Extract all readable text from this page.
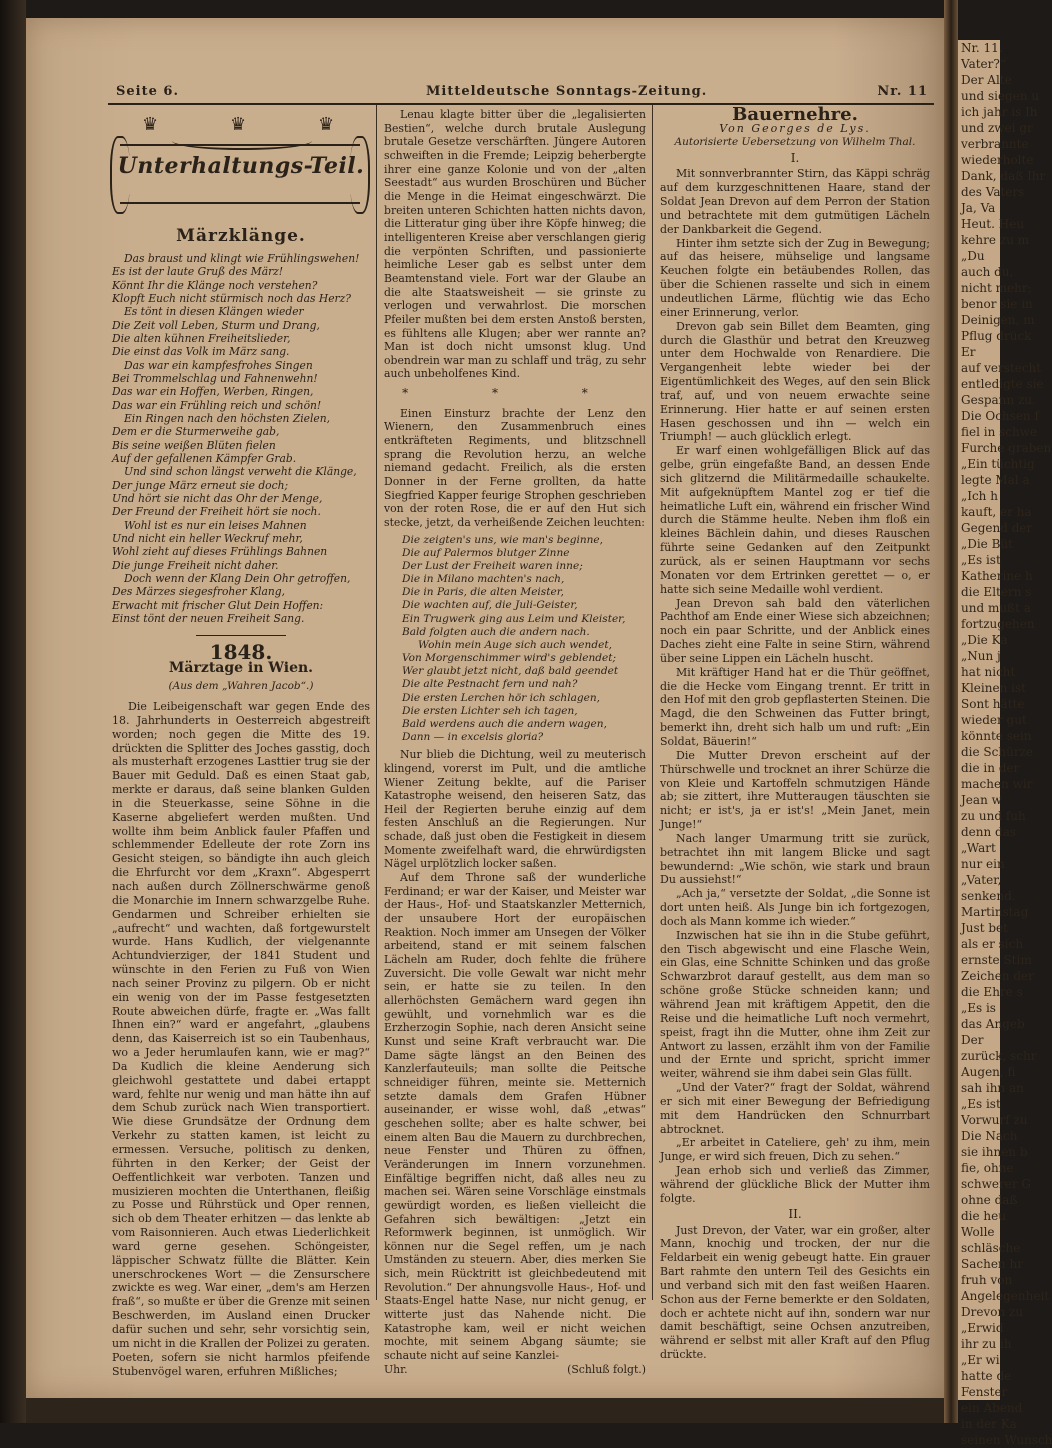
Nr. 11.
Vater?“
Der Alte
und siegen u
ich jahr is Ih
und zwei gr
verbrannte
wiederholte
Dank, daß Ihr
des Vaters
Ja, Va
Heut. Heu
kehre zu m
„Du
auch du,
nicht mehr;
benor sie in
Deinigen, m
Pflug drück
Er
auf verstecht
entledigte sie
Gespann zu.
Die Ochsen f
fiel in schwe
Furche graben
„Ein tüchtig
legte Mal a
„Ich h
kauft, er ha
Gegend der
„Die Büt
„Es ist
Katherine h
die Eltern s
und mußt a
fortzugehen
„Die Ka
„Nun j
hat nicht
Kleinen ist
Sont hätte
wieder gut
könnte sein
die Schürze
die in der
machen wir
Jean w
zu und fuh
denn das
„Wart
nur ein
„Vater,
senkend.
Martinstag
Just bet
als er sich
ernste Stim
Zeichen der
die Ehre s
„Es is
das Angeb
Der
zurück, schr
Augen, fi
sah ihn an
„Es ist
Vorwurf zu
Die Nach
sie ihnen b
fie, ohne
schwerer G
ohne daß
die heu
Wolle
schläsche
Sachen hr
fruh von
Angelegenheit
Drevon zu
„Erwid
ihr zu ih
„Er wi
hatte de
Fenster
ein Abend
in der Ka
seinen Wunsch
Seite 6.	Mitteldeutsche Sonntags-Zeitung.	Nr. 11
♛	♛	♛
Unterhaltungs-Teil.
Märzklänge.
Das braust und klingt wie Frühlingswehen!
Es ist der laute Gruß des März!
Könnt Ihr die Klänge noch verstehen?
Klopft Euch nicht stürmisch noch das Herz?
Es tönt in diesen Klängen wieder
Die Zeit voll Leben, Sturm und Drang,
Die alten kühnen Freiheitslieder,
Die einst das Volk im März sang.
Das war ein kampfesfrohes Singen
Bei Trommelschlag und Fahnenwehn!
Das war ein Hoffen, Werben, Ringen,
Das war ein Frühling reich und schön!
Ein Ringen nach den höchsten Zielen,
Dem er die Sturmerweihe gab,
Bis seine weißen Blüten fielen
Auf der gefallenen Kämpfer Grab.
Und sind schon längst verweht die Klänge,
Der junge März erneut sie doch;
Und hört sie nicht das Ohr der Menge,
Der Freund der Freiheit hört sie noch.
Wohl ist es nur ein leises Mahnen
Und nicht ein heller Weckruf mehr,
Wohl zieht auf dieses Frühlings Bahnen
Die junge Freiheit nicht daher.
Doch wenn der Klang Dein Ohr getroffen,
Des Märzes siegesfroher Klang,
Erwacht mit frischer Glut Dein Hoffen:
Einst tönt der neuen Freiheit Sang.
1848.
Märztage in Wien.
(Aus dem „Wahren Jacob“.)

Die Leibeigenschaft war gegen Ende des 18. Jahrhunderts in Oesterreich abgestreift worden; noch gegen die Mitte des 19. drückten die Splitter des Joches gasstig, doch als musterhaft erzogenes Lasttier trug sie der Bauer mit Geduld. Daß es einen Staat gab, merkte er daraus, daß seine blanken Gulden in die Steuerkasse, seine Söhne in die Kaserne abgeliefert werden mußten. Und wollte ihm beim Anblick fauler Pfaffen und schlemmender Edelleute der rote Zorn ins Gesicht steigen, so bändigte ihn auch gleich die Ehrfurcht vor dem „Kraxn“. Abgesperrt nach außen durch Zöllnerschwärme genoß die Monarchie im Innern schwarzgelbe Ruhe. Gendarmen und Schreiber erhielten sie „aufrecht“ und wachten, daß fortgewurstelt wurde. Hans Kudlich, der vielgenannte Achtundvierziger, der 1841 Student und wünschte in den Ferien zu Fuß von Wien nach seiner Provinz zu pilgern. Ob er nicht ein wenig von der im Passe festgesetzten Route abweichen dürfe, fragte er. „Was fallt Ihnen ein?“ ward er angefahrt, „glaubens denn, das Kaiserreich ist so ein Taubenhaus, wo a Jeder herumlaufen kann, wie er mag?“ Da Kudlich die kleine Aenderung sich gleichwohl gestattete und dabei ertappt ward, fehlte nur wenig und man hätte ihn auf dem Schub zurück nach Wien transportiert. Wie diese Grundsätze der Ordnung dem Verkehr zu statten kamen, ist leicht zu ermessen. Versuche, politisch zu denken, führten in den Kerker; der Geist der Oeffentlichkeit war verboten. Tanzen und musizieren mochten die Unterthanen, fleißig zu Posse und Rührstück und Oper rennen, sich ob dem Theater erhitzen — das lenkte ab vom Raisonnieren. Auch etwas Liederlichkeit ward gerne gesehen. Schöngeister, läppischer Schwatz füllte die Blätter. Kein unerschrockenes Wort — die Zensurschere zwickte es weg. War einer, „dem's am Herzen fraß“, so mußte er über die Grenze mit seinen Beschwerden, im Ausland einen Drucker dafür suchen und sehr, sehr vorsichtig sein, um nicht in die Krallen der Polizei zu geraten. Poeten, sofern sie nicht harmlos pfeifende Stubenvögel waren, erfuhren Mißliches;

Lenau klagte bitter über die „legalisierten Bestien“, welche durch brutale Auslegung brutale Gesetze verschärften. Jüngere Autoren schweiften in die Fremde; Leipzig beherbergte ihrer eine ganze Kolonie und von der „alten Seestadt“ aus wurden Broschüren und Bücher die Menge in die Heimat eingeschwärzt. Die breiten unteren Schichten hatten nichts davon, die Litteratur ging über ihre Köpfe hinweg; die intelligenteren Kreise aber verschlangen gierig die verpönten Schriften, und passionierte heimliche Leser gab es selbst unter dem Beamtenstand viele. Fort war der Glaube an die alte Staatsweisheit — sie grinste zu verlogen und verwahrlost. Die morschen Pfeiler mußten bei dem ersten Anstoß bersten, es fühltens alle Klugen; aber wer rannte an? Man ist doch nicht umsonst klug. Und obendrein war man zu schlaff und träg, zu sehr auch unbeholfenes Kind.

* * *

Einen Einsturz brachte der Lenz den Wienern, den Zusammenbruch eines entkräfteten Regiments, und blitzschnell sprang die Revolution herzu, an welche niemand gedacht. Freilich, als die ersten Donner in der Ferne grollten, da hatte Siegfried Kapper feurige Strophen geschrieben von der roten Rose, die er auf den Hut sich stecke, jetzt, da verheißende Zeichen leuchten:

Die zeigten's uns, wie man's beginne,
Die auf Palermos blutger Zinne
Der Lust der Freiheit waren inne;
Die in Milano machten's nach,
Die in Paris, die alten Meister,
Die wachten auf, die Juli-Geister,
Ein Trugwerk ging aus Leim und Kleister,
Bald folgten auch die andern nach.
Wohin mein Auge sich auch wendet,
Von Morgenschimmer wird's geblendet;
Wer glaubt jetzt nicht, daß bald geendet
Die alte Pestnacht fern und nah?
Die ersten Lerchen hör ich schlagen,
Die ersten Lichter seh ich tagen,
Bald werdens auch die andern wagen,
Dann — in excelsis gloria?

Nur blieb die Dichtung, weil zu meuterisch klingend, vorerst im Pult, und die amtliche Wiener Zeitung beklte, auf die Pariser Katastrophe weisend, den heiseren Satz, das Heil der Regierten beruhe einzig auf dem festen Anschluß an die Regierungen. Nur schade, daß just oben die Festigkeit in diesem Momente zweifelhaft ward, die ehrwürdigsten Nägel urplötzlich locker saßen.

Auf dem Throne saß der wunderliche Ferdinand; er war der Kaiser, und Meister war der Haus-, Hof- und Staatskanzler Metternich, der unsaubere Hort der europäischen Reaktion. Noch immer am Unsegen der Völker arbeitend, stand er mit seinem falschen Lächeln am Ruder, doch fehlte die frühere Zuversicht. Die volle Gewalt war nicht mehr sein, er hatte sie zu teilen. In den allerhöchsten Gemächern ward gegen ihn gewühlt, und vornehmlich war es die Erzherzogin Sophie, nach deren Ansicht seine Kunst und seine Kraft verbraucht war. Die Dame sägte längst an den Beinen des Kanzlerfauteuils; man sollte die Peitsche schneidiger führen, meinte sie. Metternich setzte damals dem Grafen Hübner auseinander, er wisse wohl, daß „etwas“ geschehen sollte; aber es halte schwer, bei einem alten Bau die Mauern zu durchbrechen, neue Fenster und Thüren zu öffnen, Veränderungen im Innern vorzunehmen. Einfältige begriffen nicht, daß alles neu zu machen sei. Wären seine Vorschläge einstmals gewürdigt worden, es ließen vielleicht die Gefahren sich bewältigen: „Jetzt ein Reformwerk beginnen, ist unmöglich. Wir können nur die Segel reffen, um je nach Umständen zu steuern. Aber, dies merken Sie sich, mein Rücktritt ist gleichbedeutend mit Revolution.“ Der ahnungsvolle Haus-, Hof- und Staats-Engel hatte Nase, nur nicht genug, er witterte just das Nahende nicht. Die Katastrophe kam, weil er nicht weichen mochte, mit seinem Abgang säumte; sie schaute nicht auf seine Kanzlei-

Uhr.	(Schluß folgt.)
Bauernehre.
Von Georges de Lys.
Autorisierte Uebersetzung von Wilhelm Thal.
I.

Mit sonnverbrannter Stirn, das Käppi schräg auf dem kurzgeschnittenen Haare, stand der Soldat Jean Drevon auf dem Perron der Station und betrachtete mit dem gutmütigen Lächeln der Dankbarkeit die Gegend.

Hinter ihm setzte sich der Zug in Bewegung; auf das heisere, mühselige und langsame Keuchen folgte ein betäubendes Rollen, das über die Schienen rasselte und sich in einem undeutlichen Lärme, flüchtig wie das Echo einer Erinnerung, verlor.

Drevon gab sein Billet dem Beamten, ging durch die Glasthür und betrat den Kreuzweg unter dem Hochwalde von Renardiere. Die Vergangenheit lebte wieder bei der Eigentümlichkeit des Weges, auf den sein Blick traf, auf, und von neuem erwachte seine Erinnerung. Hier hatte er auf seinen ersten Hasen geschossen und ihn — welch ein Triumph! — auch glücklich erlegt.

Er warf einen wohlgefälligen Blick auf das gelbe, grün eingefaßte Band, an dessen Ende sich glitzernd die Militärmedaille schaukelte. Mit aufgeknüpftem Mantel zog er tief die heimatliche Luft ein, während ein frischer Wind durch die Stämme heulte. Neben ihm floß ein kleines Bächlein dahin, und dieses Rauschen führte seine Gedanken auf den Zeitpunkt zurück, als er seinen Hauptmann vor sechs Monaten vor dem Ertrinken gerettet — o, er hatte sich seine Medaille wohl verdient.

Jean Drevon sah bald den väterlichen Pachthof am Ende einer Wiese sich abzeichnen; noch ein paar Schritte, und der Anblick eines Daches zieht eine Falte in seine Stirn, während über seine Lippen ein Lächeln huscht.

Mit kräftiger Hand hat er die Thür geöffnet, die die Hecke vom Eingang trennt. Er tritt in den Hof mit den grob gepflasterten Steinen. Die Magd, die den Schweinen das Futter bringt, bemerkt ihn, dreht sich halb um und ruft: „Ein Soldat, Bäuerin!“

Die Mutter Drevon erscheint auf der Thürschwelle und trocknet an ihrer Schürze die von Kleie und Kartoffeln schmutzigen Hände ab; sie zittert, ihre Mutteraugen täuschten sie nicht; er ist's, ja er ist's! „Mein Janet, mein Junge!“

Nach langer Umarmung tritt sie zurück, betrachtet ihn mit langem Blicke und sagt bewundernd: „Wie schön, wie stark und braun Du aussiehst!“

„Ach ja,“ versetzte der Soldat, „die Sonne ist dort unten heiß. Als Junge bin ich fortgezogen, doch als Mann komme ich wieder.“

Inzwischen hat sie ihn in die Stube geführt, den Tisch abgewischt und eine Flasche Wein, ein Glas, eine Schnitte Schinken und das große Schwarzbrot darauf gestellt, aus dem man so schöne große Stücke schneiden kann; und während Jean mit kräftigem Appetit, den die Reise und die heimatliche Luft noch vermehrt, speist, fragt ihn die Mutter, ohne ihm Zeit zur Antwort zu lassen, erzählt ihm von der Familie und der Ernte und spricht, spricht immer weiter, während sie ihm dabei sein Glas füllt.

„Und der Vater?“ fragt der Soldat, während er sich mit einer Bewegung der Befriedigung mit dem Handrücken den Schnurrbart abtrocknet.

„Er arbeitet in Cateliere, geh' zu ihm, mein Junge, er wird sich freuen, Dich zu sehen.“

Jean erhob sich und verließ das Zimmer, während der glückliche Blick der Mutter ihm folgte.

II.

Just Drevon, der Vater, war ein großer, alter Mann, knochig und trocken, der nur die Feldarbeit ein wenig gebeugt hatte. Ein grauer Bart rahmte den untern Teil des Gesichts ein und verband sich mit den fast weißen Haaren. Schon aus der Ferne bemerkte er den Soldaten, doch er achtete nicht auf ihn, sondern war nur damit beschäftigt, seine Ochsen anzutreiben, während er selbst mit aller Kraft auf den Pflug drückte.
